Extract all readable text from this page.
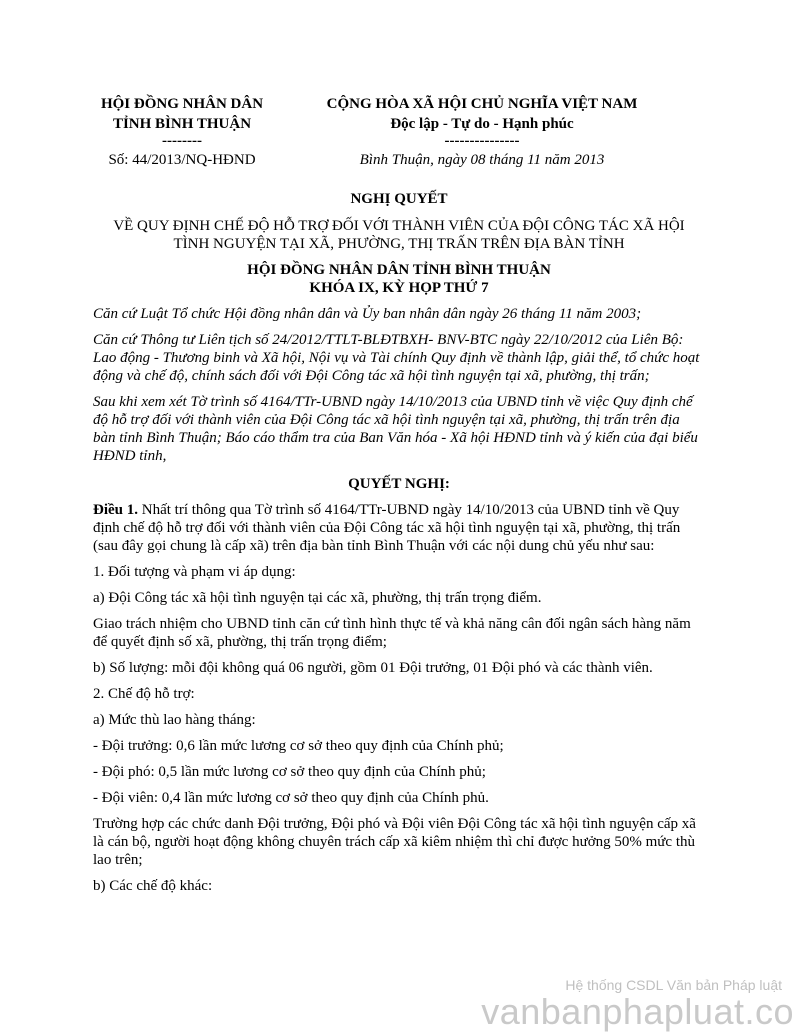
HỘI ĐỒNG NHÂN DÂN
TỈNH BÌNH THUẬN
--------
Số: 44/2013/NQ-HĐND
CỘNG HÒA XÃ HỘI CHỦ NGHĨA VIỆT NAM
Độc lập - Tự do - Hạnh phúc
---------------
Bình Thuận, ngày 08 tháng 11 năm 2013

NGHỊ QUYẾT

VỀ QUY ĐỊNH CHẾ ĐỘ HỖ TRỢ ĐỐI VỚI THÀNH VIÊN CỦA ĐỘI CÔNG TÁC XÃ HỘI

TÌNH NGUYỆN TẠI XÃ, PHƯỜNG, THỊ TRẤN TRÊN ĐỊA BÀN TỈNH

HỘI ĐỒNG NHÂN DÂN TỈNH BÌNH THUẬN

KHÓA IX, KỲ HỌP THỨ 7

Căn cứ Luật Tổ chức Hội đồng nhân dân và Ủy ban nhân dân ngày 26 tháng 11 năm 2003;

Căn cứ Thông tư Liên tịch số 24/2012/TTLT-BLĐTBXH- BNV-BTC ngày 22/10/2012 của Liên Bộ: Lao động - Thương binh và Xã hội, Nội vụ và Tài chính Quy định về thành lập, giải thể, tổ chức hoạt động và chế độ, chính sách đối với Đội Công tác xã hội tình nguyện tại xã, phường, thị trấn;

Sau khi xem xét Tờ trình số 4164/TTr-UBND ngày 14/10/2013 của UBND tỉnh về việc Quy định chế độ hỗ trợ đối với thành viên của Đội Công tác xã hội tình nguyện tại xã, phường, thị trấn trên địa bàn tỉnh Bình Thuận; Báo cáo thẩm tra của Ban Văn hóa - Xã hội HĐND tỉnh và ý kiến của đại biểu HĐND tỉnh,

QUYẾT NGHỊ:

Điều 1. Nhất trí thông qua Tờ trình số 4164/TTr-UBND ngày 14/10/2013 của UBND tỉnh về Quy định chế độ hỗ trợ đối với thành viên của Đội Công tác xã hội tình nguyện tại xã, phường, thị trấn (sau đây gọi chung là cấp xã) trên địa bàn tỉnh Bình Thuận với các nội dung chủ yếu như sau:

1. Đối tượng và phạm vi áp dụng:

a) Đội Công tác xã hội tình nguyện tại các xã, phường, thị trấn trọng điểm.

Giao trách nhiệm cho UBND tỉnh căn cứ tình hình thực tế và khả năng cân đối ngân sách hàng năm để quyết định số xã, phường, thị trấn trọng điểm;

b) Số lượng: mỗi đội không quá 06 người, gồm 01 Đội trưởng, 01 Đội phó và các thành viên.

2. Chế độ hỗ trợ:

a) Mức thù lao hàng tháng:

- Đội trưởng: 0,6 lần mức lương cơ sở theo quy định của Chính phủ;

- Đội phó: 0,5 lần mức lương cơ sở theo quy định của Chính phủ;

- Đội viên: 0,4 lần mức lương cơ sở theo quy định của Chính phủ.

Trường hợp các chức danh Đội trưởng, Đội phó và Đội viên Đội Công tác xã hội tình nguyện cấp xã là cán bộ, người hoạt động không chuyên trách cấp xã kiêm nhiệm thì chỉ được hưởng 50% mức thù lao trên;

b) Các chế độ khác:

Hệ thống CSDL Văn bản Pháp luật
vanbanphapluat.co
